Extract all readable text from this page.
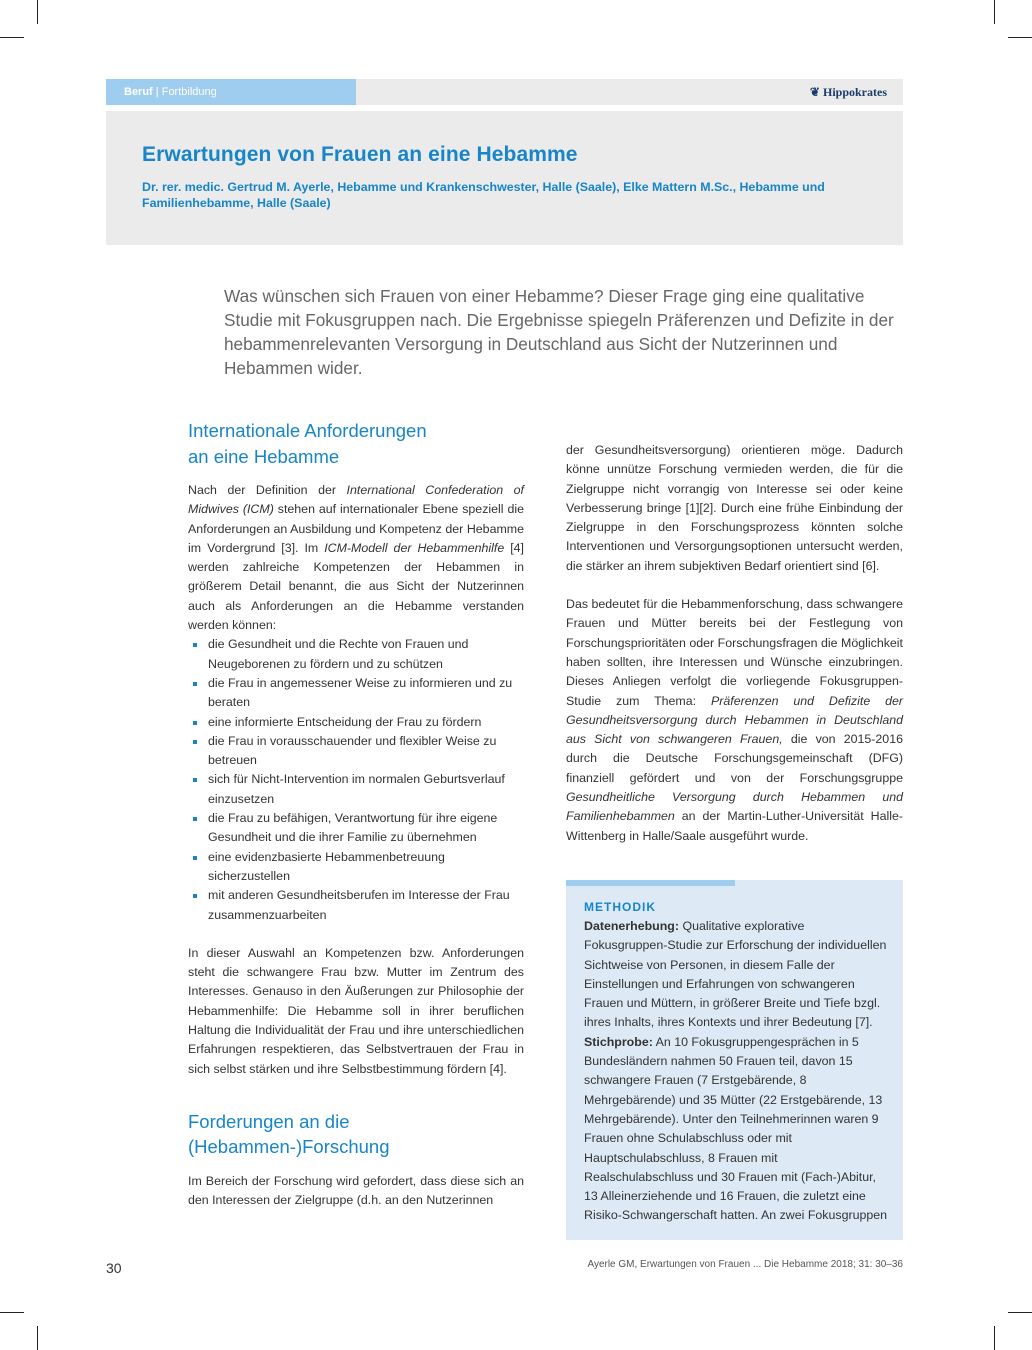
Beruf | Fortbildung	❦ Hippokrates
Erwartungen von Frauen an eine Hebamme

Dr. rer. medic. Gertrud M. Ayerle, Hebamme und Krankenschwester, Halle (Saale), Elke Mattern M.Sc., Hebamme und Familienhebamme, Halle (Saale)

Was wünschen sich Frauen von einer Hebamme? Dieser Frage ging eine qualitative Studie mit Fokusgruppen nach. Die Ergebnisse spiegeln Präferenzen und Defizite in der hebammenrelevanten Versorgung in Deutschland aus Sicht der Nutzerinnen und Hebammen wider.

Internationale Anforderungen
an eine Hebamme

Nach der Definition der International Confederation of Midwives (ICM) stehen auf internationaler Ebene speziell die Anforderungen an Ausbildung und Kompetenz der Hebamme im Vordergrund [3]. Im ICM-Modell der Hebammenhilfe [4] werden zahlreiche Kompetenzen der Hebammen in größerem Detail benannt, die aus Sicht der Nutzerinnen auch als Anforderungen an die Hebamme verstanden werden können:

die Gesundheit und die Rechte von Frauen und Neugeborenen zu fördern und zu schützen
die Frau in angemessener Weise zu informieren und zu beraten
eine informierte Entscheidung der Frau zu fördern
die Frau in vorausschauender und flexibler Weise zu betreuen
sich für Nicht-Intervention im normalen Geburtsverlauf einzusetzen
die Frau zu befähigen, Verantwortung für ihre eigene Gesundheit und die ihrer Familie zu übernehmen
eine evidenzbasierte Hebammenbetreuung sicherzustellen
mit anderen Gesundheitsberufen im Interesse der Frau zusammenzuarbeiten

In dieser Auswahl an Kompetenzen bzw. Anforderungen steht die schwangere Frau bzw. Mutter im Zentrum des Interesses. Genauso in den Äußerungen zur Philosophie der Hebammenhilfe: Die Hebamme soll in ihrer beruflichen Haltung die Individualität der Frau und ihre unterschiedlichen Erfahrungen respektieren, das Selbstvertrauen der Frau in sich selbst stärken und ihre Selbstbestimmung fördern [4].

Forderungen an die
(Hebammen-)Forschung

Im Bereich der Forschung wird gefordert, dass diese sich an den Interessen der Zielgruppe (d.h. an den Nutzerinnen

der Gesundheitsversorgung) orientieren möge. Dadurch könne unnütze Forschung vermieden werden, die für die Zielgruppe nicht vorrangig von Interesse sei oder keine Verbesserung bringe [1][2]. Durch eine frühe Einbindung der Zielgruppe in den Forschungsprozess könnten solche Interventionen und Versorgungsoptionen untersucht werden, die stärker an ihrem subjektiven Bedarf orientiert sind [6].

Das bedeutet für die Hebammenforschung, dass schwangere Frauen und Mütter bereits bei der Festlegung von Forschungsprioritäten oder Forschungsfragen die Möglichkeit haben sollten, ihre Interessen und Wünsche einzubringen. Dieses Anliegen verfolgt die vorliegende Fokusgruppen-Studie zum Thema: Präferenzen und Defizite der Gesundheitsversorgung durch Hebammen in Deutschland aus Sicht von schwangeren Frauen, die von 2015-2016 durch die Deutsche Forschungsgemeinschaft (DFG) finanziell gefördert und von der Forschungsgruppe Gesundheitliche Versorgung durch Hebammen und Familienhebammen an der Martin-Luther-Universität Halle-Wittenberg in Halle/Saale ausgeführt wurde.

METHODIK

Datenerhebung: Qualitative explorative Fokusgruppen-Studie zur Erforschung der individuellen Sichtweise von Personen, in diesem Falle der Einstellungen und Erfahrungen von schwangeren Frauen und Müttern, in größerer Breite und Tiefe bzgl. ihres Inhalts, ihres Kontexts und ihrer Bedeutung [7].

Stichprobe: An 10 Fokusgruppengesprächen in 5 Bundesländern nahmen 50 Frauen teil, davon 15 schwangere Frauen (7 Erstgebärende, 8 Mehrgebärende) und 35 Mütter (22 Erstgebärende, 13 Mehrgebärende). Unter den Teilnehmerinnen waren 9 Frauen ohne Schulabschluss oder mit Hauptschulabschluss, 8 Frauen mit Realschulabschluss und 30 Frauen mit (Fach-)Abitur, 13 Alleinerziehende und 16 Frauen, die zuletzt eine Risiko-Schwangerschaft hatten. An zwei Fokusgruppen

30	Ayerle GM, Erwartungen von Frauen ... Die Hebamme 2018; 31: 30–36
